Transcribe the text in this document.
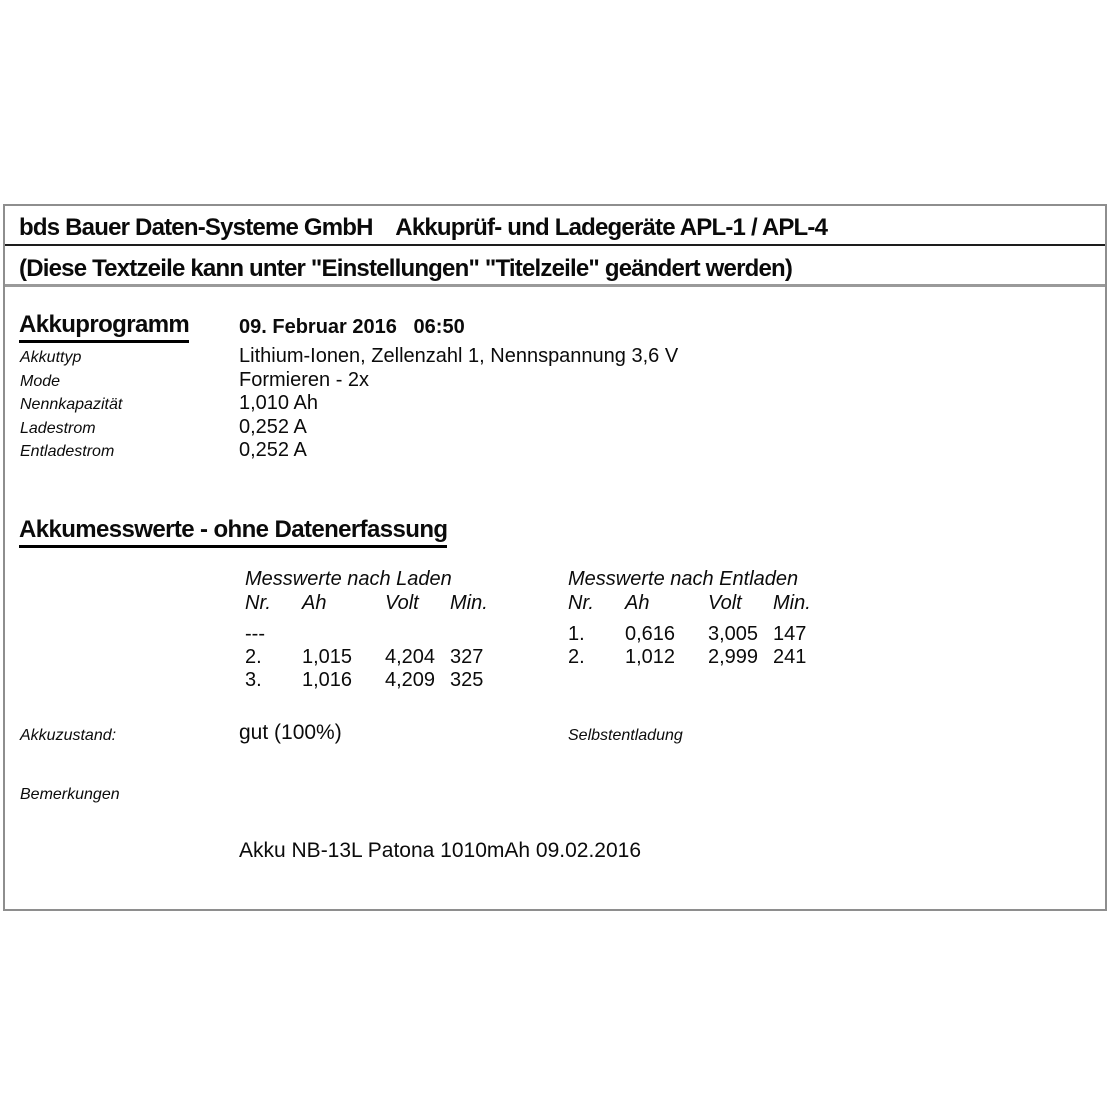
bds Bauer Daten-Systeme GmbH    Akkuprüf- und Ladegeräte APL-1 / APL-4
(Diese Textzeile kann unter "Einstellungen" "Titelzeile" geändert werden)
Akkuprogramm 09. Februar 2016   06:50
Akkuttyp	Lithium-Ionen, Zellenzahl 1, Nennspannung 3,6 V
Mode	Formieren - 2x
Nennkapazität	1,010 Ah
Ladestrom	0,252 A
Entladestrom	0,252 A
Akkumesswerte - ohne Datenerfassung
Messwerte nach Laden
Nr.	Ah	Volt	Min.
---
2.	1,015	4,204 327
3.	1,016	4,209 325
Messwerte nach Entladen
Nr.	Ah	Volt	Min.
1.	0,616	3,005 147
2.	1,012	2,999 241
Akkuzustand:	gut (100%)	Selbstentladung
Bemerkungen
Akku NB-13L Patona 1010mAh 09.02.2016
